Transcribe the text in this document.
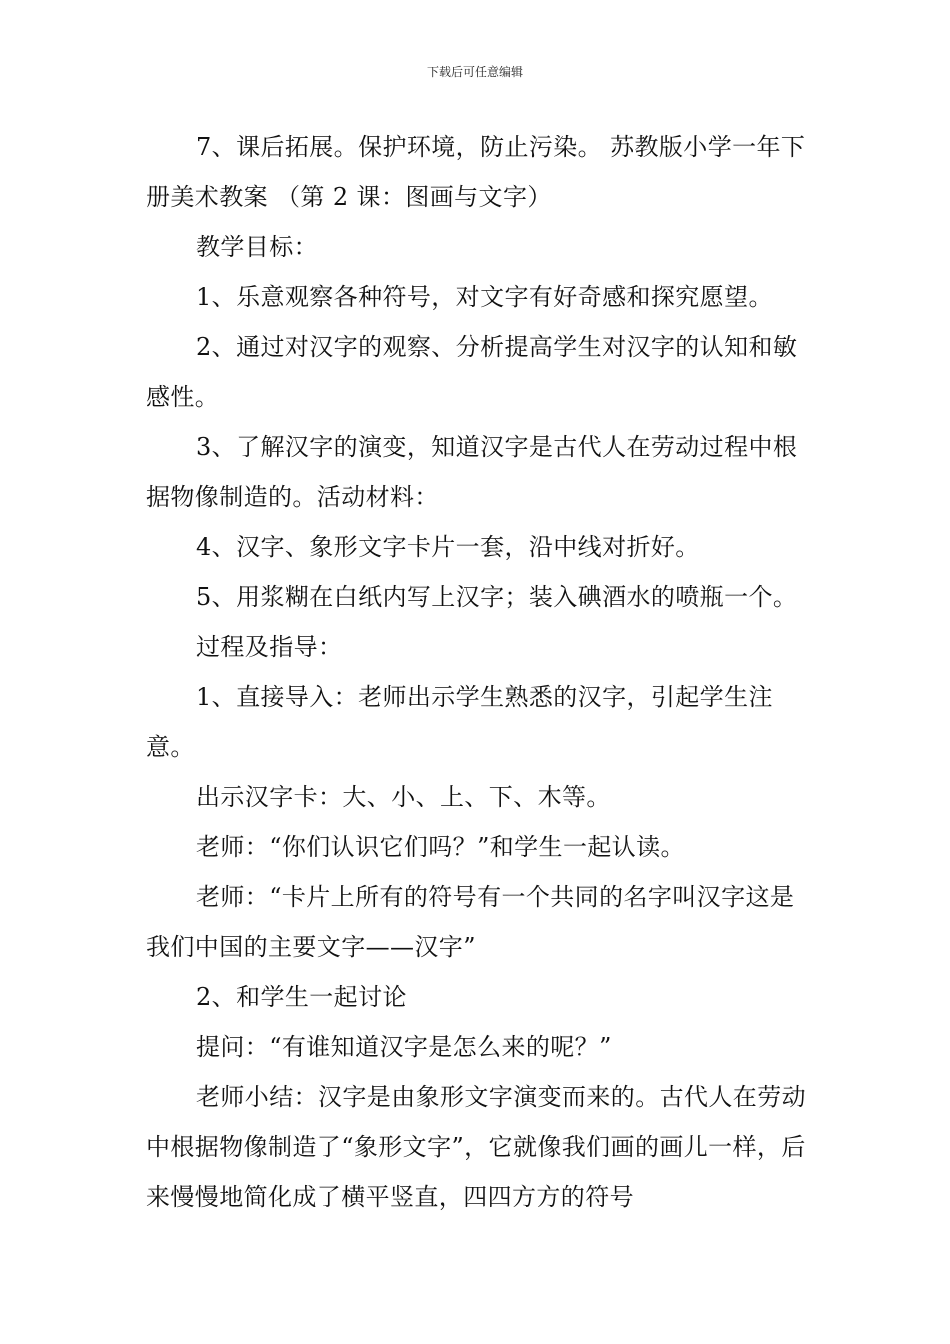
下载后可任意编辑

7、课后拓展。保护环境，防止污染。 苏教版小学一年下册美术教案 （第 2 课：图画与文字）

教学目标：

1、乐意观察各种符号，对文字有好奇感和探究愿望。

2、通过对汉字的观察、分析提高学生对汉字的认知和敏感性。

3、了解汉字的演变，知道汉字是古代人在劳动过程中根据物像制造的。活动材料：

4、汉字、象形文字卡片一套，沿中线对折好。

5、用浆糊在白纸内写上汉字；装入碘酒水的喷瓶一个。

过程及指导：

1、直接导入：老师出示学生熟悉的汉字，引起学生注意。

出示汉字卡：大、小、上、下、木等。

老师：“你们认识它们吗？”和学生一起认读。

老师：“卡片上所有的符号有一个共同的名字叫汉字这是我们中国的主要文字——汉字”

2、和学生一起讨论

提问：“有谁知道汉字是怎么来的呢？”

老师小结：汉字是由象形文字演变而来的。古代人在劳动中根据物像制造了“象形文字”，它就像我们画的画儿一样，后来慢慢地简化成了横平竖直，四四方方的符号
